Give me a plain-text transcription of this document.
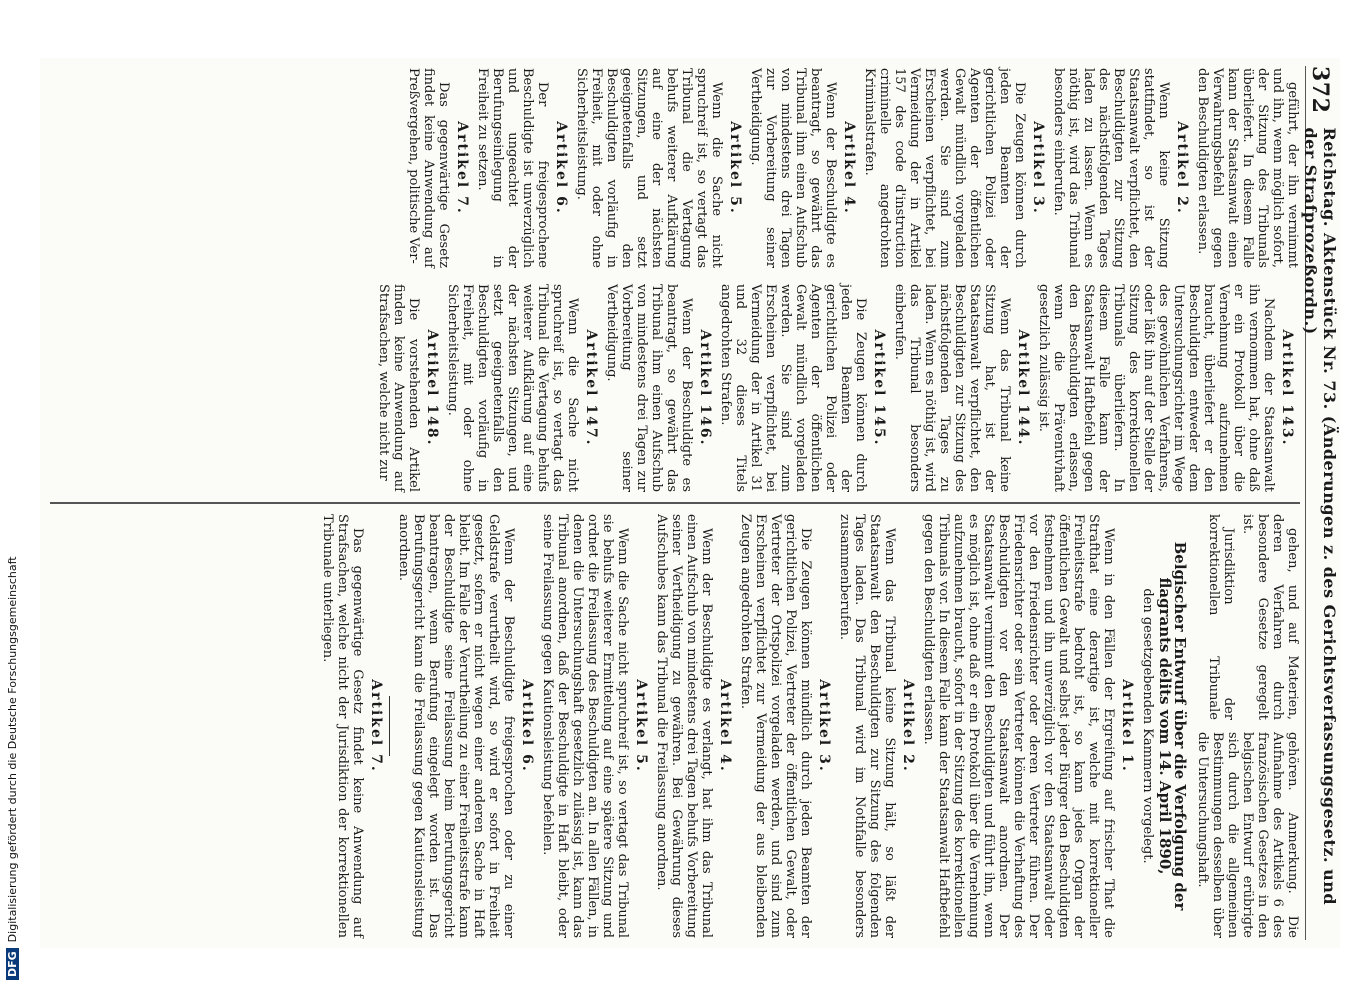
372
Reichstag. Aktenstück Nr. 73. (Änderungen z. des Gerichtsverfassungsgesetz. und der Strafprozeßordn.)

geführt, der ihn vernimmt und ihn, wenn möglich sofort, der Sitzung des Tribunals überliefert. In diesem Falle kann der Staatsanwalt einen Verwahrungsbefehl gegen den Beschuldigten erlassen.

Artikel 2.

Wenn keine Sitzung stattfindet, so ist der Staatsanwalt verpflichtet, den Beschuldigten zur Sitzung des nächstfolgenden Tages laden zu lassen. Wenn es nöthig ist, wird das Tribunal besonders einberufen.

Artikel 3.

Die Zeugen können durch jeden Beamten der gerichtlichen Polizei oder Agenten der öffentlichen Gewalt mündlich vorgeladen werden. Sie sind zum Erscheinen verpflichtet, bei Vermeidung der in Artikel 157 des code d'instruction criminelle angedrohten Kriminalstrafen.

Artikel 4.

Wenn der Beschuldigte es beantragt, so gewährt das Tribunal ihm einen Aufschub von mindestens drei Tagen zur Vorbereitung seiner Vertheidigung.

Artikel 5.

Wenn die Sache nicht spruchreif ist, so vertagt das Tribunal die Vertagung behufs weiterer Aufklärung auf eine der nächsten Sitzungen, und setzt geeignetenfalls den Beschuldigten vorläufig in Freiheit, mit oder ohne Sicherheitsleistung.

Artikel 6.

Der freigesprochene Beschuldigte ist unverzüglich und ungeachtet der Berufungseinlegung in Freiheit zu setzen.

Artikel 7.

Das gegenwärtige Gesetz findet keine Anwendung auf Preßvergehen, politische Ver-

Artikel 143.

Nachdem der Staatsanwalt ihn vernommen hat, ohne daß er ein Protokoll über die Vernehmung aufzunehmen braucht, überliefert er den Beschuldigten entweder dem Untersuchungsrichter im Wege des gewöhnlichen Verfahrens, oder läßt ihn auf der Stelle der Sitzung des korrektionellen Tribunals überliefern. In diesem Falle kann der Staatsanwalt Haftbefehl gegen den Beschuldigten erlassen, wenn die Präventivhaft gesetzlich zulässig ist.

Artikel 144.

Wenn das Tribunal keine Sitzung hat, ist der Staatsanwalt verpflichtet, den Beschuldigten zur Sitzung des nächstfolgenden Tages zu laden. Wenn es nöthig ist, wird das Tribunal besonders einberufen.

Artikel 145.

Die Zeugen können durch jeden Beamten der gerichtlichen Polizei oder Agenten der öffentlichen Gewalt mündlich vorgeladen werden. Sie sind zum Erscheinen verpflichtet, bei Vermeidung der in Artikel 31 und 32 dieses Titels angedrohten Strafen.

Artikel 146.

Wenn der Beschuldigte es beantragt, so gewährt das Tribunal ihm einen Aufschub von mindestens drei Tagen zur Vorbereitung seiner Vertheidigung.

Artikel 147.

Wenn die Sache nicht spruchreif ist, so vertagt das Tribunal die Vertagung behufs weiterer Aufklärung auf eine der nächsten Sitzungen, und setzt geeignetenfalls den Beschuldigten vorläufig in Freiheit, mit oder ohne Sicherheitsleistung.

Artikel 148.

Die vorstehenden Artikel finden keine Anwendung auf Strafsachen, welche nicht zur

gehen, und auf Materien, deren Verfahren durch besondere Gesetze geregelt ist.

Jurisdiktion der korrektionellen Tribunale gehören. Anmerkung. Die Aufnahme des Artikels 6 des französischen Gesetzes in den belgischen Entwurf erübrigte sich durch die allgemeinen Bestimmungen desselben über die Untersuchungshaft.

Belgischer Entwurf über die Verfolgung der flagrants délits vom 14. April 1890,

den gesetzgebenden Kammern vorgelegt.

Artikel 1.

Wenn in den Fällen der Ergreifung auf frischer That die Strafthat eine derartige ist, welche mit korrektioneller Freiheitsstrafe bedroht ist, so kann jedes Organ der öffentlichen Gewalt und selbst jeder Bürger den Beschuldigten festnehmen und ihn unverzüglich vor den Staatsanwalt oder vor den Friedensrichter oder deren Vertreter führen. Der Friedensrichter oder sein Vertreter können die Verhaftung des Beschuldigten vor den Staatsanwalt anordnen. Der Staatsanwalt vernimmt den Beschuldigten und führt ihn, wenn es möglich ist, ohne daß er ein Protokoll über die Vernehmung aufzunehmen braucht, sofort in der Sitzung des korrektionellen Tribunals vor. In diesem Falle kann der Staatsanwalt Haftbefehl gegen den Beschuldigten erlassen.

Artikel 2.

Wenn das Tribunal keine Sitzung hält, so läßt der Staatsanwalt den Beschuldigten zur Sitzung des folgenden Tages laden. Das Tribunal wird im Nothfalle besonders zusammenberufen.

Artikel 3.

Die Zeugen können mündlich durch jeden Beamten der gerichtlichen Polizei, Vertreter der öffentlichen Gewalt, oder Vertreter der Ortspolizei vorgeladen werden, und sind zum Erscheinen verpflichtet zur Vermeidung der aus bleibenden Zeugen angedrohten Strafen.

Artikel 4.

Wenn der Beschuldigte es verlangt, hat ihm das Tribunal einen Aufschub von mindestens drei Tagen behufs Vorbereitung seiner Vertheidigung zu gewähren. Bei Gewährung dieses Aufschubes kann das Tribunal die Freilassung anordnen.

Artikel 5.

Wenn die Sache nicht spruchreif ist, so vertagt das Tribunal sie behufs weiterer Ermittelung auf eine spätere Sitzung und ordnet die Freilassung des Beschuldigten an. In allen Fällen, in denen die Untersuchungshaft gesetzlich zulässig ist, kann das Tribunal anordnen, daß der Beschuldigte in Haft bleibt, oder seine Freilassung gegen Kautionsleistung befehlen.

Artikel 6.

Wenn der Beschuldigte freigesprochen oder zu einer Geldstrafe verurtheilt wird, so wird er sofort in Freiheit gesetzt, sofern er nicht wegen einer anderen Sache in Haft bleibt. Im Falle der Verurtheilung zu einer Freiheitsstrafe kann der Beschuldigte seine Freilassung beim Berufungsgericht beantragen, wenn Berufung eingelegt worden ist. Das Berufungsgericht kann die Freilassung gegen Kautionsleistung anordnen.

Artikel 7.

Das gegenwärtige Gesetz findet keine Anwendung auf Strafsachen, welche nicht der Jurisdiktion der korrektionellen Tribunale unterliegen.

DFGDigitalisierung gefördert durch die Deutsche Forschungsgemeinschaft
